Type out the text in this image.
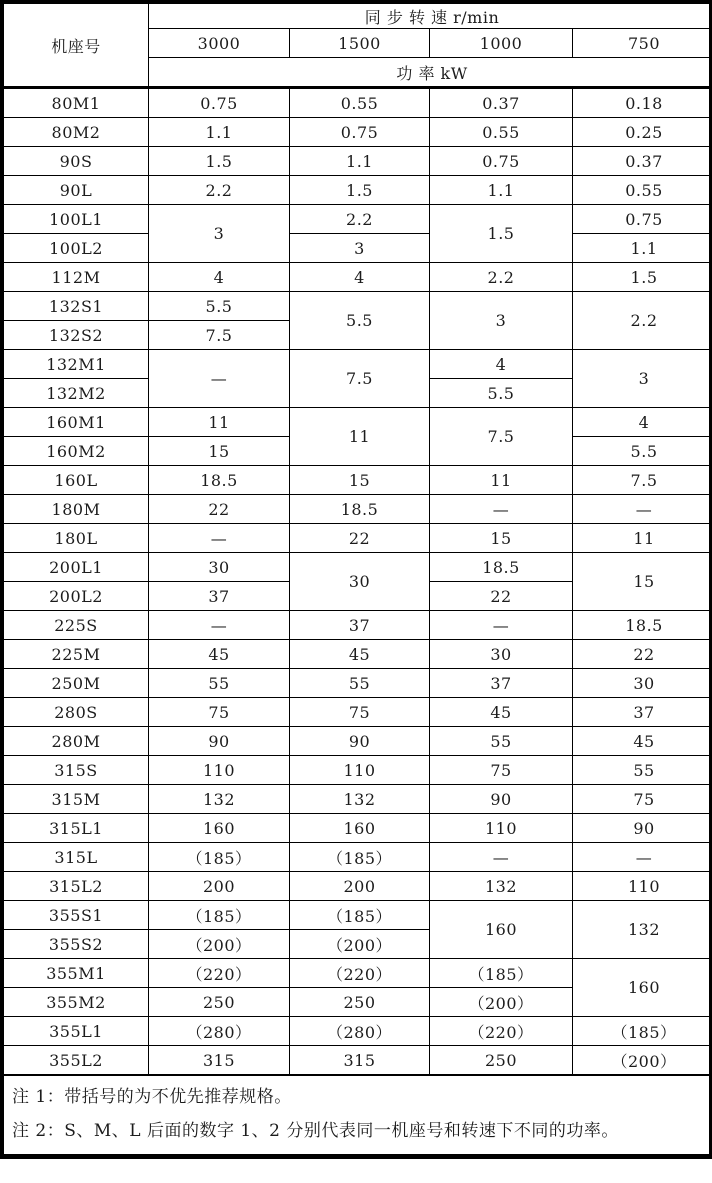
机座号	同 步 转 速 r/min			
	3000	1500	1000	750
	功 率 kW			
80M1	0.75	0.55	0.37	0.18
80M2	1.1	0.75	0.55	0.25
90S	1.5	1.1	0.75	0.37
90L	2.2	1.5	1.1	0.55
100L1	3	2.2	1.5	0.75
100L2		3		1.1
112M	4	4	2.2	1.5
132S1	5.5	5.5	3	2.2
132S2	7.5			
132M1	—	7.5	4	3
132M2			5.5	
160M1	11	11	7.5	4
160M2	15			5.5
160L	18.5	15	11	7.5
180M	22	18.5	—	—
180L	—	22	15	11
200L1	30	30	18.5	15
200L2	37		22	
225S	—	37	—	18.5
225M	45	45	30	22
250M	55	55	37	30
280S	75	75	45	37
280M	90	90	55	45
315S	110	110	75	55
315M	132	132	90	75
315L1	160	160	110	90
315L	（185）	（185）	—	—
315L2	200	200	132	110
355S1	（185）	（185）	160	132
355S2	（200）	（200）		
355M1	（220）	（220）	（185）	160
355M2	250	250	（200）	
355L1	（280）	（280）	（220）	（185）
355L2	315	315	250	（200）

注 1：带括号的为不优先推荐规格。
注 2：S、M、L 后面的数字 1、2 分别代表同一机座号和转速下不同的功率。				
